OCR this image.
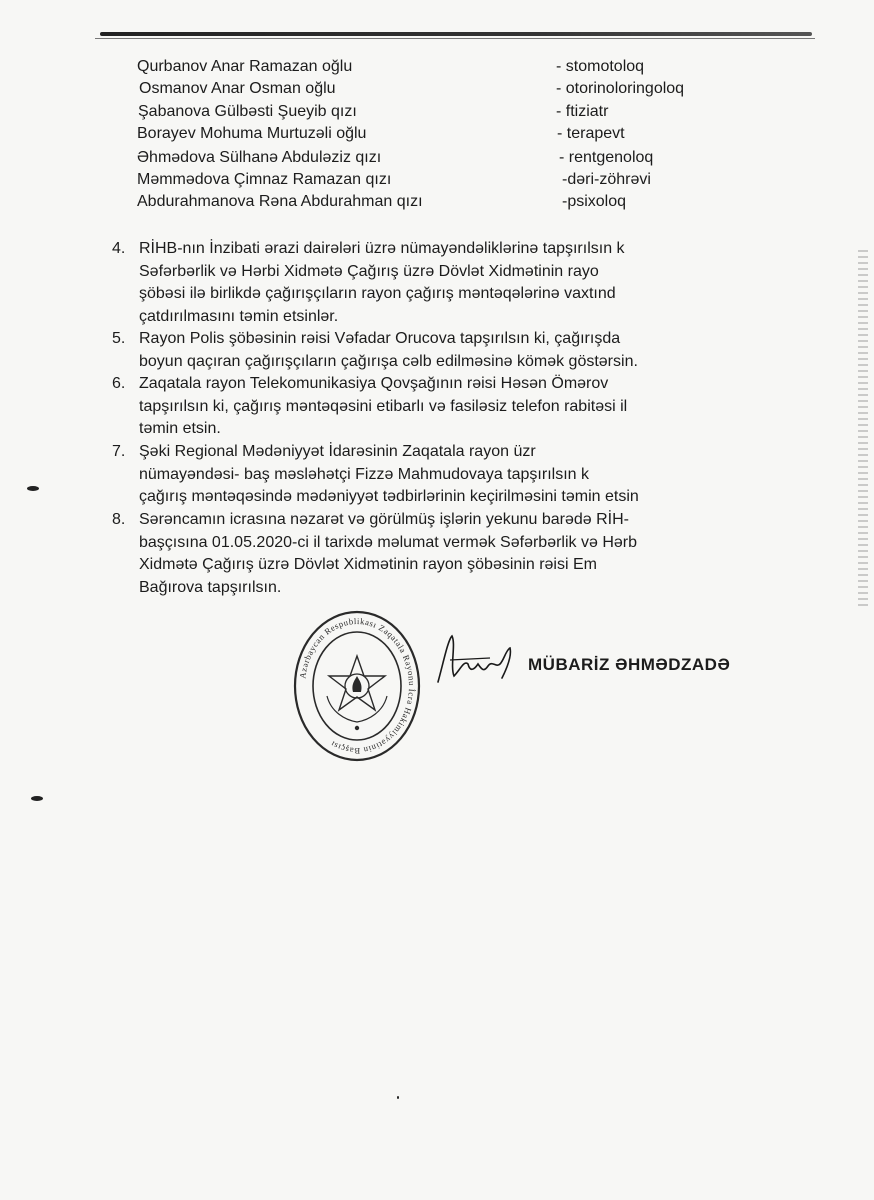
Qurbanov Anar Ramazan oğlu	- stomotoloq
Osmanov Anar Osman oğlu	- otorinoloringoloq
Şabanova Gülbəsti Şueyib qızı	- ftiziatr
Borayev Mohuma Murtuzəli oğlu	- terapevt
Əhmədova Sülhanə Abduləziz qızı	- rentgenoloq
Məmmədova Çimnaz Ramazan qızı	-dəri-zöhrəvi
Abdurahmanova Rəna Abdurahman qızı	-psixoloq
4. RİHB-nın İnzibati ərazi dairələri üzrə nümayəndəliklərinə tapşırılsın k
Səfərbərlik və Hərbi Xidmətə Çağırış üzrə Dövlət Xidmətinin rayo
şöbəsi ilə birlikdə çağırışçıların rayon çağırış məntəqələrinə vaxtınd
çatdırılmasını təmin etsinlər.
5. Rayon Polis şöbəsinin rəisi Vəfadar Orucova tapşırılsın ki, çağırışda
boyun qaçıran çağırışçıların çağırışa cəlb edilməsinə kömək göstərsin.
6. Zaqatala rayon Telekomunikasiya Qovşağının rəisi Həsən Ömərov
tapşırılsın ki, çağırış məntəqəsini etibarlı və fasiləsiz telefon rabitəsi il
təmin etsin.
7. Şəki Regional Mədəniyyət İdarəsinin Zaqatala rayon üzr
nümayəndəsi- baş məsləhətçi Fizzə Mahmudovaya tapşırılsın k
çağırış məntəqəsində mədəniyyət tədbirlərinin keçirilməsini təmin etsin
8. Sərəncamın icrasına nəzarət və görülmüş işlərin yekunu barədə RİH-
başçısına 01.05.2020-ci il tarixdə məlumat vermək Səfərbərlik və Hərb
Xidmətə Çağırış üzrə Dövlət Xidmətinin rayon şöbəsinin rəisi Em
Bağırova tapşırılsın.
Azərbaycan Respublikası Zaqatala Rayonu İcra Hakimiyyətinin Başçısı
MÜBARİZ ƏHMƏDZADƏ
